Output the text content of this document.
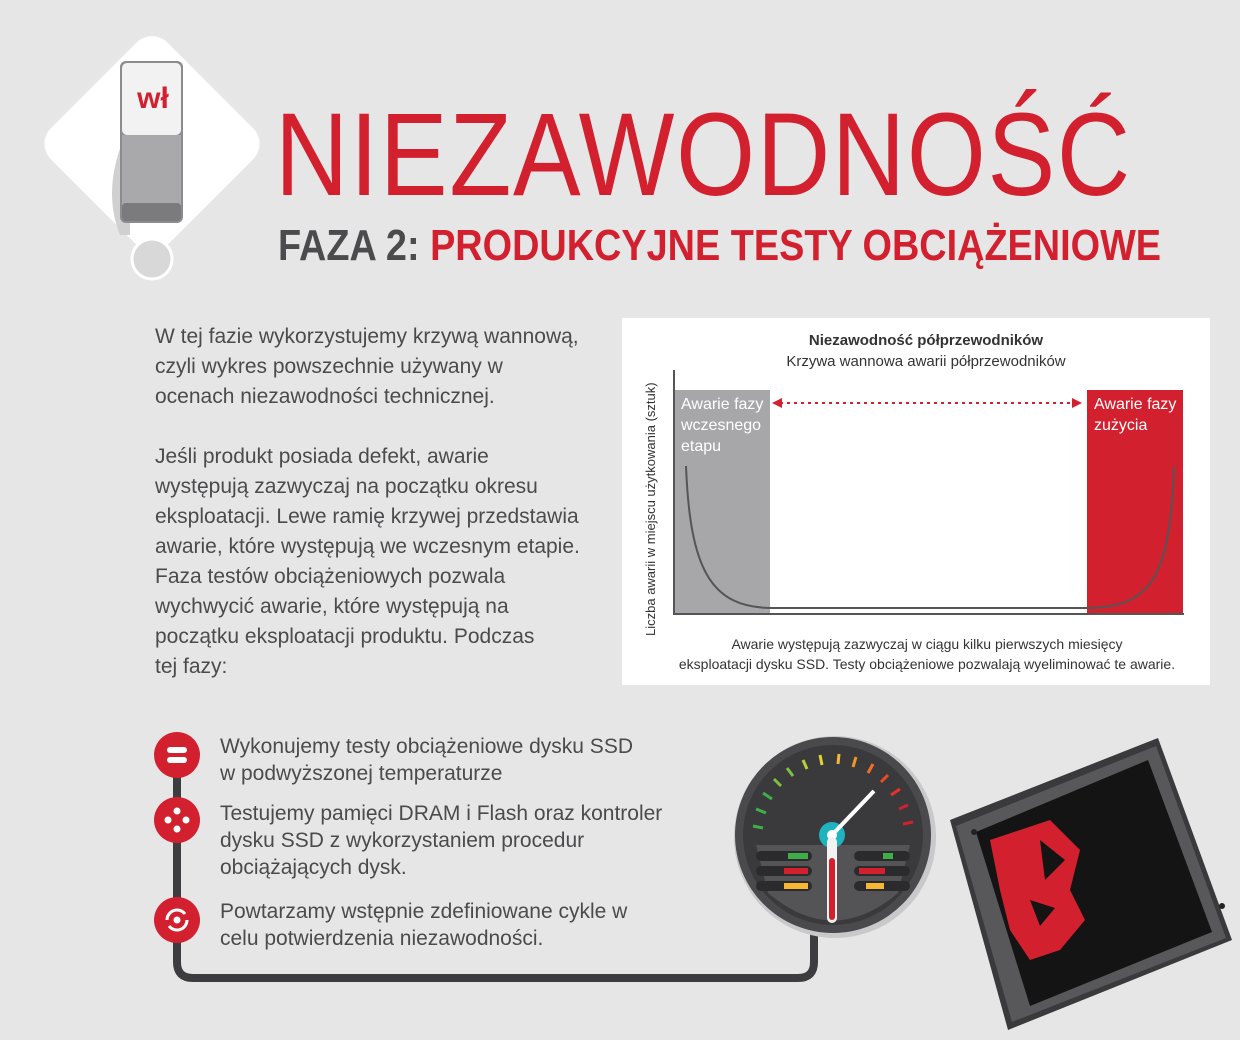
wł NIEZAWODNOŚĆ
FAZA 2: PRODUKCYJNE TESTY OBCIĄŻENIOWE
W tej fazie wykorzystujemy krzywą wannową,
czyli wykres powszechnie używany w
ocenach niezawodności technicznej.
Jeśli produkt posiada defekt, awarie
występują zazwyczaj na początku okresu
eksploatacji. Lewe ramię krzywej przedstawia
awarie, które występują we wczesnym etapie.
Faza testów obciążeniowych pozwala
wychwycić awarie, które występują na
początku eksploatacji produktu. Podczas
tej fazy:
Niezawodność półprzewodników
Krzywa wannowa awarii półprzewodników
Liczba awarii w miejscu użytkowania (sztuk) Awarie fazy
wczesnego
etapu
Awarie fazy
zużycia
Awarie występują zazwyczaj w ciągu kilku pierwszych miesięcy
eksploatacji dysku SSD. Testy obciążeniowe pozwalają wyeliminować te awarie.
Wykonujemy testy obciążeniowe dysku SSD
w podwyższonej temperaturze
Testujemy pamięci DRAM i Flash oraz kontroler
dysku SSD z wykorzystaniem procedur
obciążających dysk.
Powtarzamy wstępnie zdefiniowane cykle w
celu potwierdzenia niezawodności.
